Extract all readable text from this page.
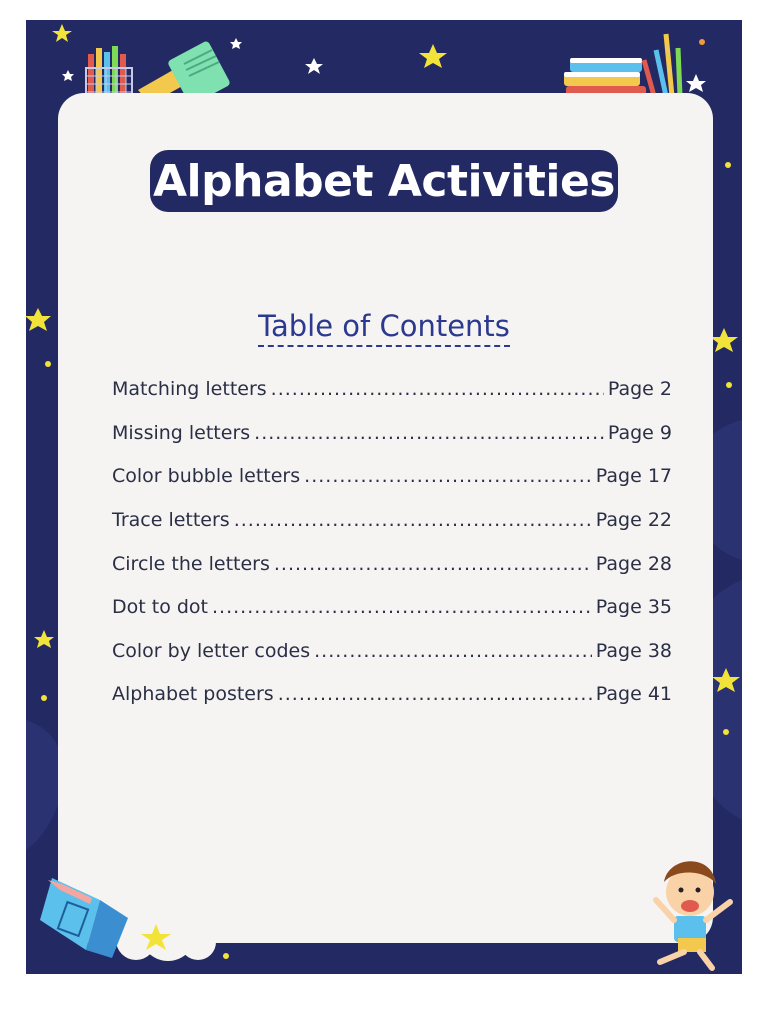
Alphabet Activities
Table of Contents
Matching letters .....	Page 2
Missing letters .....	Page 9
Color bubble letters .....	Page 17
Trace letters .....	Page 22
Circle the letters .....	Page 28
Dot to dot .....	Page 35
Color by letter codes .....	Page 38
Alphabet posters .....	Page 41
